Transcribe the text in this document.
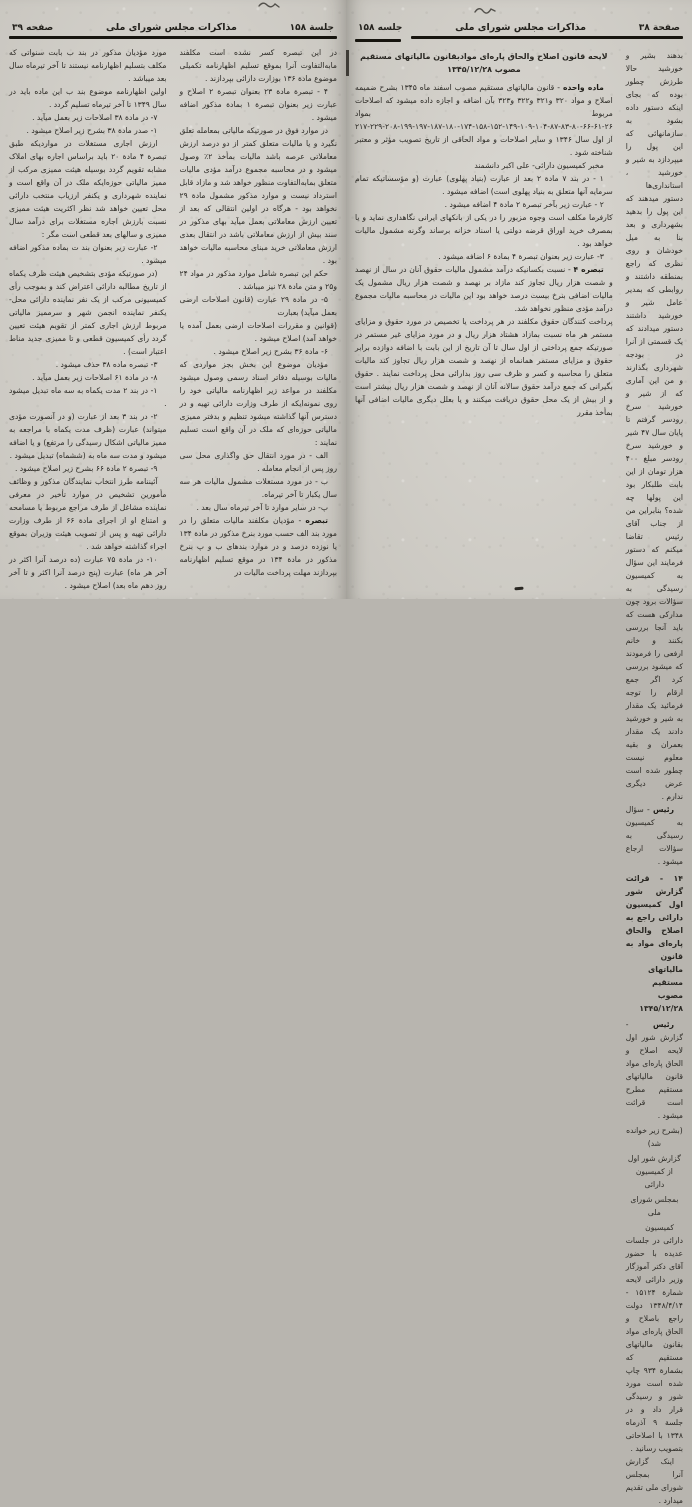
صفحة ۳۸
مذاکرات مجلس شورای ملی
جلسه ۱۵۸
بدهند بشیر و خورشید حالا طرزش چطور بوده که بجای اینکه دستور داده بشود به سازمانهائی که این پول را میپردازد به شیر و خورشید ، استانداری‌ها دستور میدهند که این پول را بدهید بشهرداری و بعد بنا به میل خودشان و روی نظری که راجع بمنطقه داشتند و روابطی که بمدیر عامل شیر و خورشید داشتند دستور میدادند که یک قسمتی از آنرا در بودجه شهرداری بگذارند و من این آماری که از شیر و خورشید سرخ رودسر گرفتم تا پایان سال ۴۷ شیر و خورشید سرخ رودسر مبلغ ۴۰۰ هزار تومان از این بابت طلبکار بود این پولها چه شده؟ بنابراین من از جناب آقای رئیس تقاضا میکنم که دستور فرمایند این سؤال به کمیسیون رسیدگی به سؤالات برود چون مدارکی هست که باید آنجا بررسی بکنند و خانم ارفعی را فرمودند که میشود بررسی کرد اگر جمع ارقام را توجه فرمائید یک مقدار به شیر و خورشید دادند یک مقدار بعمران و بقیه معلوم نیست چطور شده است عرض دیگری ندارم .
رئیس - سؤال به کمیسیون رسیدگی به سؤالات ارجاع میشود .
۱۴ - قرائت گزارش شور اول کمیسیون دارائی راجع به اصلاح والحاق پاره‌ای مواد به قانون مالیاتهای مستقیم مصوب ۱۳۴۵/۱۲/۲۸
رئیس - گزارش شور اول لایحه اصلاح و الحاق پاره‌ای مواد قانون مالیاتهای مستقیم مطرح است قرائت میشود .
(بشرح زیر خوانده شد)
گزارش شور اول از کمیسیون دارائی
بمجلس شورای ملی
کمیسیون دارائی در جلسات عدیده با حضور آقای دکتر آموزگار وزیر دارائی لایحه شمارة ۱۵۱۲۴ - ۱۳۴۸/۴/۱۴ دولت راجع باصلاح و الحاق پاره‌ای مواد بقانون مالیاتهای مستقیم که بشمارة ۹۳۴ چاپ شده است مورد شور و رسیدگی قرار داد و در جلسة ۹ آذرماه ۱۳۴۸ با اصلاحاتی بتصویب رسانید .
اینک گزارش آنرا بمجلس شورای ملی تقدیم میدارد .
لایحه قانون اصلاح والحاق پاره‌ای موادبقانون مالیاتهای مستقیم مصوب ۱۳۴۵/۱۲/۲۸
ماده واحده - قانون مالیاتهای مستقیم مصوب اسفند ماه ۱۳۴۵ بشرح ضمیمه اصلاح و مواد ۳۲۰ و۳۲۱ و۳۲۲ و۳۲۳ بآن اضافه و اجازه داده میشود که اصلاحات مربوط بمواد ۲۶-۶۱-۶۶-۸۰-۸۳-۸۷-۱۰۴-۱۰۹-۱۴۹-۱۵۲-۱۵۸-۱۷۴-۱۸۰-۱۸۷-۱۹۷-۱۹۹-۲۰۸-۲۲۹-۲۱۷ از اول سال ۱۳۴۶ و سایر اصلاحات و مواد الحاقی از تاریخ تصویب مؤثر و معتبر شناخته شود .
مخبر کمیسیون دارائی- علی اکبر دانشمند
۱ - در بند ۷ مادة ۲ بعد از عبارت (بنیاد پهلوی) عبارت (و مؤسساتیکه تمام سرمایه آنها متعلق به بنیاد پهلوی است) اضافه میشود .
۲ - عبارت زیر بآخر تبصرة ۲ مادة ۴ اضافه میشود .
کارفرما مکلف است وجوه مزبور را در یکی از بانکهای ایرانی نگاهداری نماید و یا بمصرف خرید اوراق قرضه دولتی یا اسناد خزانه برساند وگرنه مشمول مالیات خواهد بود .
۳- عبارت زیر بعنوان تبصرة ۴ بمادة ۶ اضافه میشود .
تبصره ۴ - نسبت بکسانیکه درآمد مشمول مالیات حقوق آنان در سال از نهصد و شصت هزار ریال تجاوز کند مازاد بر نهصد و شصت هزار ریال مشمول یک مالیات اضافی بنرخ بیست درصد خواهد بود این مالیات در محاسبه مالیات مجموع درآمد مؤدی منظور نخواهد شد.
پرداخت کنندگان حقوق مکلفند در هر پرداخت یا تخصیص در مورد حقوق و مزایای مستمر هر ماه نسبت بمازاد هشتاد هزار ریال و در مورد مزایای غیر مستمر در صورتیکه جمع پرداختی از اول سال تا آن تاریخ از این بابت با اضافه دوازده برابر حقوق و مزایای مستمر همانماه از نهصد و شصت هزار ریال تجاوز کند مالیات متعلق را محاسبه و کسر و ظرف سی روز بدارائی محل پرداخت نمایند . حقوق بگیرانی که جمع درآمد حقوق سالانه آنان از نهصد و شصت هزار ریال بیشتر است و از بیش از یک محل حقوق دریافت میکنند و یا بعلل دیگری مالیات اضافی آنها بمأخذ مقرر
جلسة ۱۵۸
مذاکرات مجلس شورای ملی
صفحه ۳۹
در این تبصره کسر نشده است مکلفند مابه‌التفاوت آنرا بموقع تسلیم اظهارنامه تکمیلی موضوع مادة ۱۳۶ بوزارت دارائی بپردازند .
۴ - تبصرة مادة ۲۳ بعنوان تبصرة ۲ اصلاح و عبارت زیر بعنوان تبصرة ۱ بمادة مذکور اضافه میشود .
در موارد فوق در صورتیکه مالیاتی بمعامله تعلق نگیرد و یا مالیات متعلق کمتر از دو درصد ارزش معاملاتی عرصه باشد مالیات بمأخذ ۲٪ وصول میشود و در محاسبه مجموع درآمد مؤدی مالیات متعلق بمابه‌التفاوت منظور خواهد شد و مازاد قابل استرداد نیست و موارد مذکور مشمول مادة ۲۹ نخواهد بود - هرگاه در اولین انتقالی که بعد از تعیین ارزش معاملاتی بعمل میآید بهای مذکور در سند بیش از ارزش معاملاتی باشد در انتقال بعدی ارزش معاملاتی خرید مبنای محاسبه مالیات خواهد بود .
حکم این تبصره شامل موارد مذکور در مواد ۲۴ و۲۵ و متن مادة ۲۸ نیز میباشد .
۵- در مادة ۲۹ عبارت (قانون اصلاحات ارضی بعمل میآید) بعبارت
(قوانین و مقررات اصلاحات ارضی بعمل آمده یا خواهد آمد) اصلاح میشود .
۶- مادة ۳۶ بشرح زیر اصلاح میشود .
مؤدیان موضوع این بخش بجز مواردی که مالیات بوسیله دفاتر اسناد رسمی وصول میشود مکلفند در مواعد زیر اظهارنامه مالیاتی خود را روی نمونه‌ایکه از طرف وزارت دارائی تهیه و در دسترس آنها گذاشته میشود تنظیم و بدفتر ممیزی مالیاتی حوزه‌ای که ملک در آن واقع است تسلیم نمایند :
الف - در مورد انتقال حق واگذاری محل سی روز پس از انجام معامله .
ب - در مورد مستغلات مشمول مالیات هر سه سال یکبار تا آخر تیرماه.
پ- در سایر موارد تا آخر تیرماه سال بعد .
تبصره - مؤدیان مکلفند مالیات متعلق را در مورد بند الف حسب مورد بنرخ مذکور در مادة ۱۳۴ یا نوزده درصد و در موارد بندهای ب و پ بنرخ مذکور در مادة ۱۳۴ در موقع تسلیم اظهارنامه بپردازند مهلت پرداخت مالیات در
مورد مؤدیان مذکور در بند ب بابت سنواتی که مکلف بتسلیم اظهارنامه نیستند تا آخر تیرماه سال بعد میباشد .
اولین اظهارنامه موضوع بند ب این ماده باید در سال ۱۳۴۹ تا آخر تیرماه تسلیم گردد .
۷- در مادة ۳۸ اصلاحات زیر بعمل میآید .
۱- صدر مادة ۳۸ بشرح زیر اصلاح میشود .
ارزش اجاری مستغلات در مواردیکه طبق تبصرة ۴ مادة ۲۰ باید براساس اجاره بهای املاک مشابه تقویم گردد بوسیله هیئت ممیزی مرکب از ممیز مالیاتی حوزه‌ایکه ملک در آن واقع است و نماینده شهرداری و یکنفر ارزیاب منتخب دارائی محل تعیین خواهد شد نظر اکثریت هیئت ممیزی نسبت بارزش اجاره مستغلات برای درآمد سال ممیزی و سالهای بعد قطعی است مگر :
۲- عبارت زیر بعنوان بند ت بماده مذکور اضافه میشود .
(در صورتیکه مؤدی بتشخیص هیئت ظرف یکماه از تاریخ مطالبه دارائی اعتراض کند و بموجب رأی کمیسیونی مرکب از یک نفر نماینده دارائی محل- یکنفر نماینده انجمن شهر و سرممیز مالیاتی مربوط ارزش اجاری کمتر از تقویم هیئت تعیین گردد رأی کمیسیون قطعی و تا ممیزی جدید مناط اعتبار است) .
۳- تبصره ماده ۳۸ حذف میشود .
۸- در مادة ۶۱ اصلاحات زیر بعمل میآید .
۱- در بند ۲ مدت یکماه به سه ماه تبدیل میشود .
۲- در بند ۳ بعد از عبارت (و در آنصورت مؤدی میتواند) عبارت (ظرف مدت یکماه با مراجعه به ممیز مالیاتی اشکال رسیدگی را مرتفع) و یا اضافه میشود و مدت سه ماه به (ششماه) تبدیل میشود .
۹- تبصرة ۲ مادة ۶۶ بشرح زیر اصلاح میشود .
آئیننامه طرز انتخاب نمایندگان مذکور و وظائف مأمورین تشخیص در موارد تأخیر در معرفی نماینده مشاغل از طرف مراجع مربوط یا مسامحه و امتناع او از اجرای مادة ۶۶ از طرف وزارت دارائی تهیه و پس از تصویب هیئت وزیران بموقع اجراء گذاشته خواهد شد .
۱۰- در مادة ۷۵ عبارت (ده درصد آنرا اکثر در آخر هر ماه) عبارت (پنج درصد آنرا اکثر و تا آخر روز دهم ماه بعد) اصلاح میشود .
